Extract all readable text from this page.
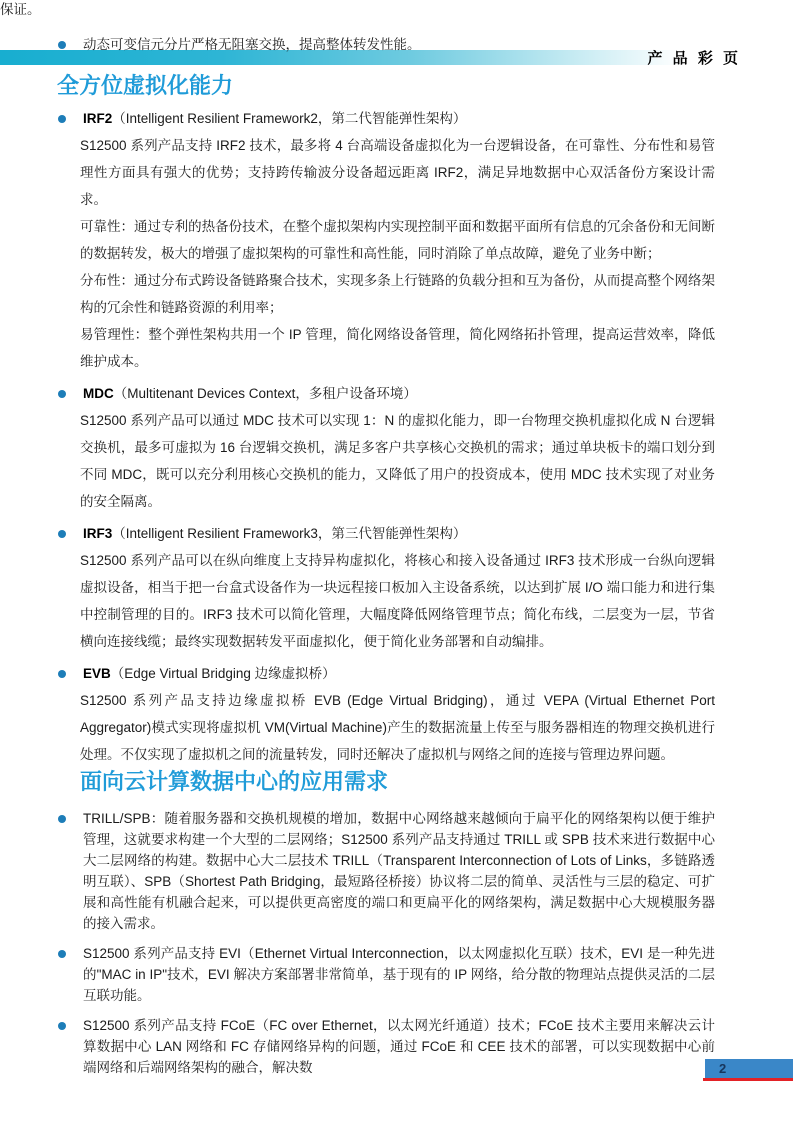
产 品 彩 页

保证。

动态可变信元分片严格无阻塞交换，提高整体转发性能。

全方位虚拟化能力

IRF2（Intelligent Resilient Framework2，第二代智能弹性架构）

S12500 系列产品支持 IRF2 技术，最多将 4 台高端设备虚拟化为一台逻辑设备，在可靠性、分布性和易管理性方面具有强大的优势；支持跨传输波分设备超远距离 IRF2，满足异地数据中心双活备份方案设计需求。

可靠性：通过专利的热备份技术，在整个虚拟架构内实现控制平面和数据平面所有信息的冗余备份和无间断的数据转发，极大的增强了虚拟架构的可靠性和高性能，同时消除了单点故障，避免了业务中断；

分布性：通过分布式跨设备链路聚合技术，实现多条上行链路的负载分担和互为备份，从而提高整个网络架构的冗余性和链路资源的利用率；

易管理性：整个弹性架构共用一个 IP 管理，简化网络设备管理，简化网络拓扑管理，提高运营效率，降低维护成本。

MDC（Multitenant Devices Context，多租户设备环境）

S12500 系列产品可以通过 MDC 技术可以实现 1：N 的虚拟化能力，即一台物理交换机虚拟化成 N 台逻辑交换机，最多可虚拟为 16 台逻辑交换机，满足多客户共享核心交换机的需求；通过单块板卡的端口划分到不同 MDC，既可以充分利用核心交换机的能力，又降低了用户的投资成本，使用 MDC 技术实现了对业务的安全隔离。

IRF3（Intelligent Resilient Framework3，第三代智能弹性架构）

S12500 系列产品可以在纵向维度上支持异构虚拟化，将核心和接入设备通过 IRF3 技术形成一台纵向逻辑虚拟设备，相当于把一台盒式设备作为一块远程接口板加入主设备系统，以达到扩展 I/O 端口能力和进行集中控制管理的目的。IRF3 技术可以简化管理，大幅度降低网络管理节点；简化布线，二层变为一层，节省横向连接线缆；最终实现数据转发平面虚拟化，便于简化业务部署和自动编排。

EVB（Edge Virtual Bridging 边缘虚拟桥）

S12500 系列产品支持边缘虚拟桥 EVB (Edge Virtual Bridging)，通过 VEPA (Virtual Ethernet Port Aggregator)模式实现将虚拟机 VM(Virtual Machine)产生的数据流量上传至与服务器相连的物理交换机进行处理。不仅实现了虚拟机之间的流量转发，同时还解决了虚拟机与网络之间的连接与管理边界问题。

面向云计算数据中心的应用需求

TRILL/SPB：随着服务器和交换机规模的增加，数据中心网络越来越倾向于扁平化的网络架构以便于维护管理，这就要求构建一个大型的二层网络；S12500 系列产品支持通过 TRILL 或 SPB 技术来进行数据中心大二层网络的构建。数据中心大二层技术 TRILL（Transparent Interconnection of Lots of Links，多链路透明互联）、SPB（Shortest Path Bridging，最短路径桥接）协议将二层的简单、灵活性与三层的稳定、可扩展和高性能有机融合起来，可以提供更高密度的端口和更扁平化的网络架构，满足数据中心大规模服务器的接入需求。

S12500 系列产品支持 EVI（Ethernet Virtual Interconnection，以太网虚拟化互联）技术，EVI 是一种先进的"MAC in IP"技术，EVI 解决方案部署非常简单，基于现有的 IP 网络，给分散的物理站点提供灵活的二层互联功能。

S12500 系列产品支持 FCoE（FC over Ethernet，以太网光纤通道）技术；FCoE 技术主要用来解决云计算数据中心 LAN 网络和 FC 存储网络异构的问题，通过 FCoE 和 CEE 技术的部署，可以实现数据中心前端网络和后端网络架构的融合，解决数	2
